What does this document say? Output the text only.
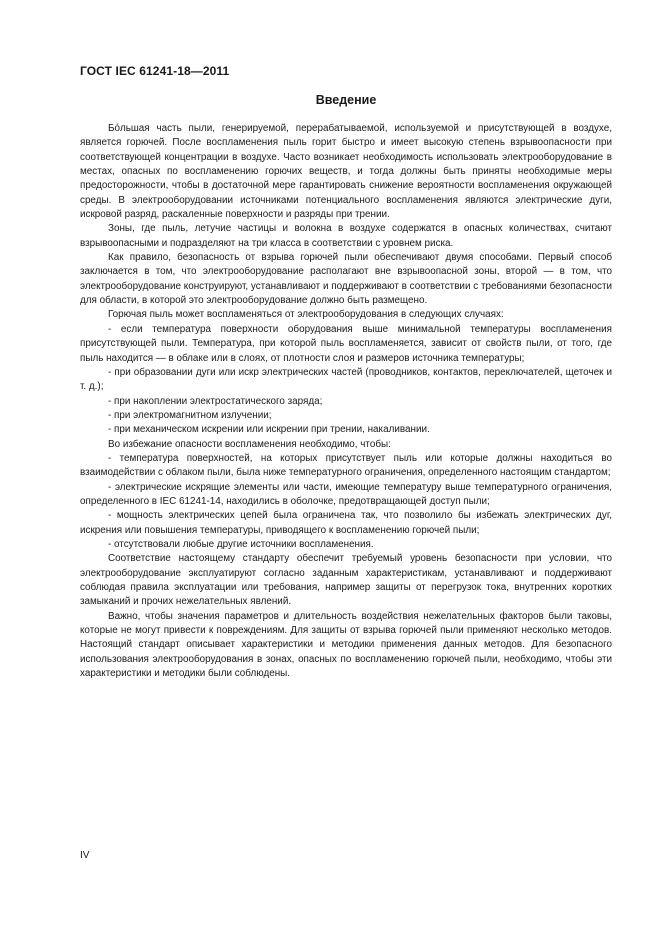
ГОСТ IEC 61241-18—2011
Введение

Бóльшая часть пыли, генерируемой, перерабатываемой, используемой и присутствующей в воздухе, является горючей. После воспламенения пыль горит быстро и имеет высокую степень взрывоопасности при соответствующей концентрации в воздухе. Часто возникает необходимость использовать электрооборудование в местах, опасных по воспламенению горючих веществ, и тогда должны быть приняты необходимые меры предосторожности, чтобы в достаточной мере гарантировать снижение вероятности воспламенения окружающей среды. В электрооборудовании источниками потенциального воспламенения являются электрические дуги, искровой разряд, раскаленные поверхности и разряды при трении.

Зоны, где пыль, летучие частицы и волокна в воздухе содержатся в опасных количествах, считают взрывоопасными и подразделяют на три класса в соответствии с уровнем риска.

Как правило, безопасность от взрыва горючей пыли обеспечивают двумя способами. Первый способ заключается в том, что электрооборудование располагают вне взрывоопасной зоны, второй — в том, что электрооборудование конструируют, устанавливают и поддерживают в соответствии с требованиями безопасности для области, в которой это электрооборудование должно быть размещено.

Горючая пыль может воспламеняться от электрооборудования в следующих случаях:

- если температура поверхности оборудования выше минимальной температуры воспламенения присутствующей пыли. Температура, при которой пыль воспламеняется, зависит от свойств пыли, от того, где пыль находится — в облаке или в слоях, от плотности слоя и размеров источника температуры;

- при образовании дуги или искр электрических частей (проводников, контактов, переключателей, щеточек и т. д.);

- при накоплении электростатического заряда;

- при электромагнитном излучении;

- при механическом искрении или искрении при трении, накаливании.

Во избежание опасности воспламенения необходимо, чтобы:

- температура поверхностей, на которых присутствует пыль или которые должны находиться во взаимодействии с облаком пыли, была ниже температурного ограничения, определенного настоящим стандартом;

- электрические искрящие элементы или части, имеющие температуру выше температурного ограничения, определенного в IEC 61241-14, находились в оболочке, предотвращающей доступ пыли;

- мощность электрических цепей была ограничена так, что позволило бы избежать электрических дуг, искрения или повышения температуры, приводящего к воспламенению горючей пыли;

- отсутствовали любые другие источники воспламенения.

Соответствие настоящему стандарту обеспечит требуемый уровень безопасности при условии, что электрооборудование эксплуатируют согласно заданным характеристикам, устанавливают и поддерживают соблюдая правила эксплуатации или требования, например защиты от перегрузок тока, внутренних коротких замыканий и прочих нежелательных явлений.

Важно, чтобы значения параметров и длительность воздействия нежелательных факторов были таковы, которые не могут привести к повреждениям. Для защиты от взрыва горючей пыли применяют несколько методов. Настоящий стандарт описывает характеристики и методики применения данных методов. Для безопасного использования электрооборудования в зонах, опасных по воспламенению горючей пыли, необходимо, чтобы эти характеристики и методики были соблюдены.

IV
